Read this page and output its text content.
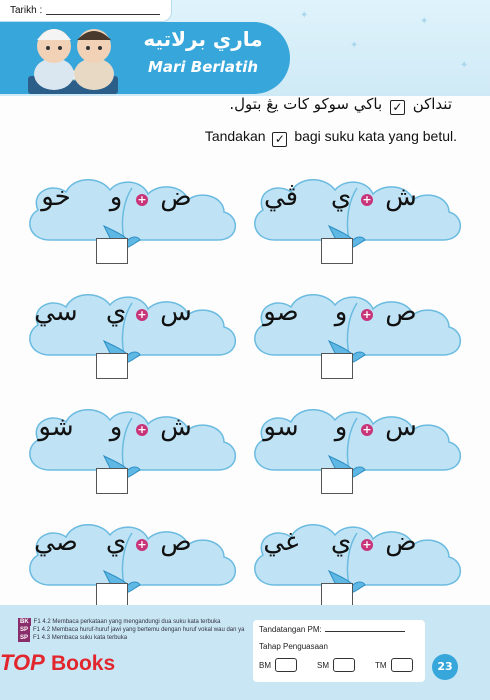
✦
✦
✦
✦
Tarikh :
ماري برلاتيه
Mari Berlatih
تنداكن ✓ باکي سوکو کات يڠ بتول.
Tandakan ✓ bagi suku kata yang betul.
ش
+
ي
ڤي
ض
+
و
خو
ص
+
و
صو
س
+
ي
سي
س
+
و
سو
ش
+
و
شو
ض
+
ي
غي
ص
+
ي
صي
BK F1 4.2 Membaca perkataan yang mengandungi dua suku kata terbuka
SP F1 4.2 Membaca huruf-huruf jawi yang bertemu dengan huruf vokal wau dan ya
SP F1 4.3 Membaca suku kata terbuka
Tandatangan PM:
Tahap Penguasaan
BM	SM	TM
TOP Books	23
